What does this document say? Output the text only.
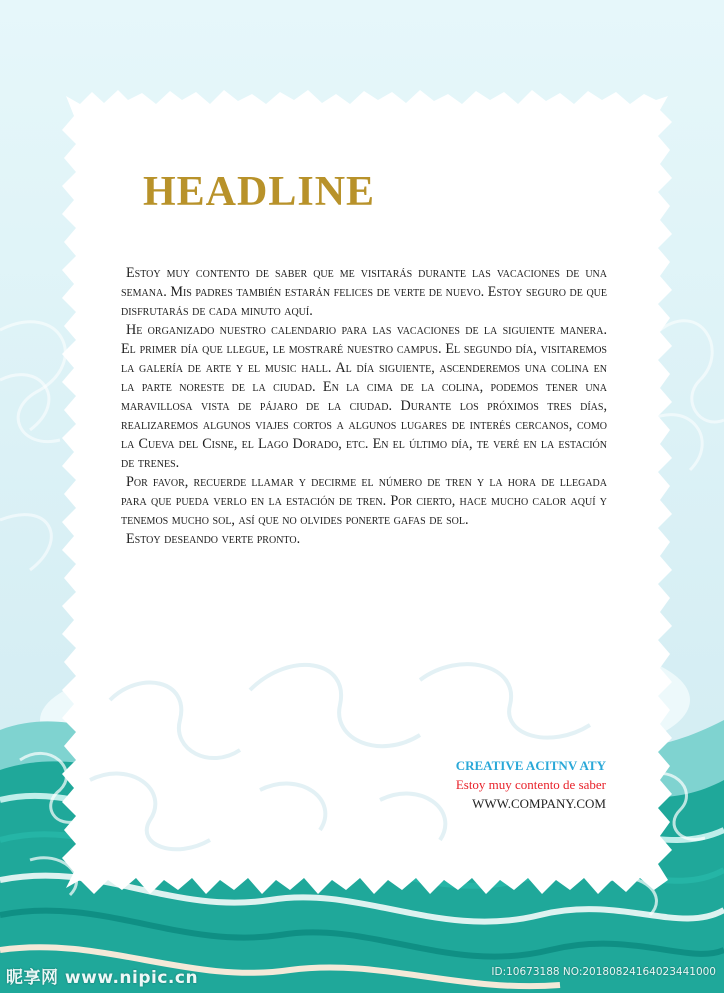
HEADLINE

Estoy muy contento de saber que me visitarás durante las vacaciones de una semana. Mis padres también estarán felices de verte de nuevo. Estoy seguro de que disfrutarás de cada minuto aquí.

He organizado nuestro calendario para las vacaciones de la siguiente manera. El primer día que llegue, le mostraré nuestro campus. El segundo día, visitaremos la galería de arte y el music hall. Al día siguiente, ascenderemos una colina en la parte noreste de la ciudad. En la cima de la colina, podemos tener una maravillosa vista de pájaro de la ciudad. Durante los próximos tres días, realizaremos algunos viajes cortos a algunos lugares de interés cercanos, como la Cueva del Cisne, el Lago Dorado, etc. En el último día, te veré en la estación de trenes.

Por favor, recuerde llamar y decirme el número de tren y la hora de llegada para que pueda verlo en la estación de tren. Por cierto, hace mucho calor aquí y tenemos mucho sol, así que no olvides ponerte gafas de sol.

Estoy deseando verte pronto.

CREATIVE ACITNV ATY
Estoy muy contento de saber
WWW.COMPANY.COM
昵享网 www.nipic.cn	ID:10673188 NO:20180824164023441000
